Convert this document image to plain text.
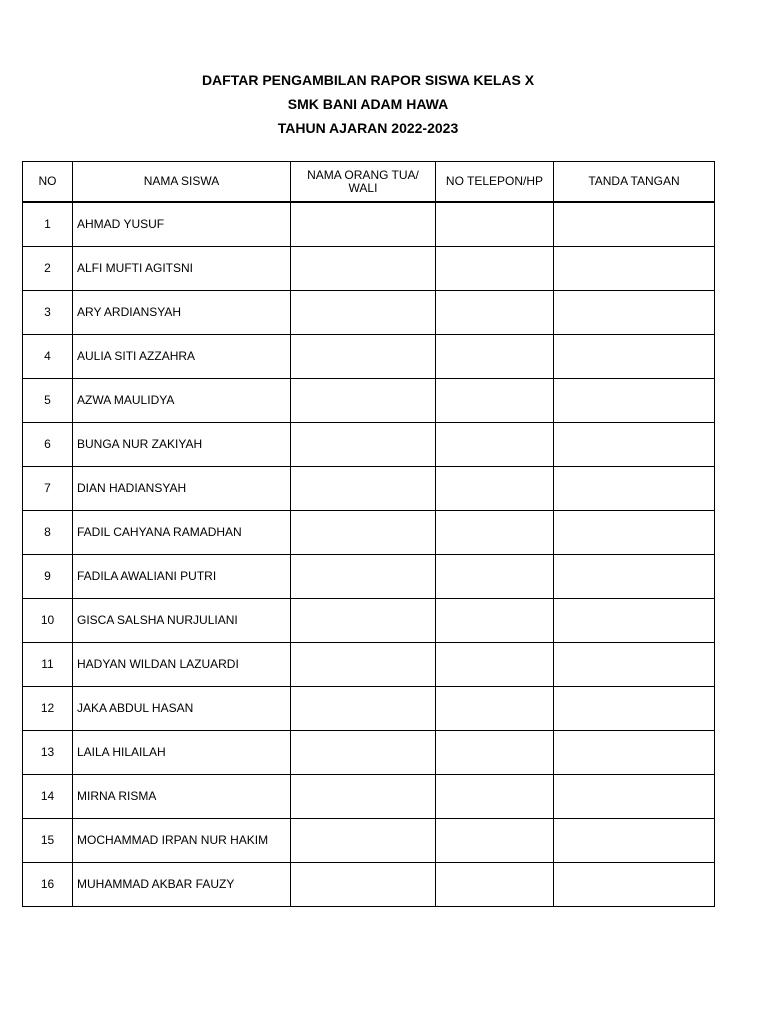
DAFTAR PENGAMBILAN RAPOR SISWA KELAS X
SMK BANI ADAM HAWA
TAHUN AJARAN 2022-2023
NO	NAMA SISWA	NAMA ORANG TUA/ WALI	NO TELEPON/HP	TANDA TANGAN
1	AHMAD YUSUF			
2	ALFI MUFTI AGITSNI			
3	ARY ARDIANSYAH			
4	AULIA SITI AZZAHRA			
5	AZWA MAULIDYA			
6	BUNGA NUR ZAKIYAH			
7	DIAN HADIANSYAH			
8	FADIL CAHYANA RAMADHAN			
9	FADILA AWALIANI PUTRI			
10	GISCA SALSHA NURJULIANI			
11	HADYAN WILDAN LAZUARDI			
12	JAKA ABDUL HASAN			
13	LAILA HILAILAH			
14	MIRNA RISMA			
15	MOCHAMMAD IRPAN NUR HAKIM			
16	MUHAMMAD AKBAR FAUZY			
